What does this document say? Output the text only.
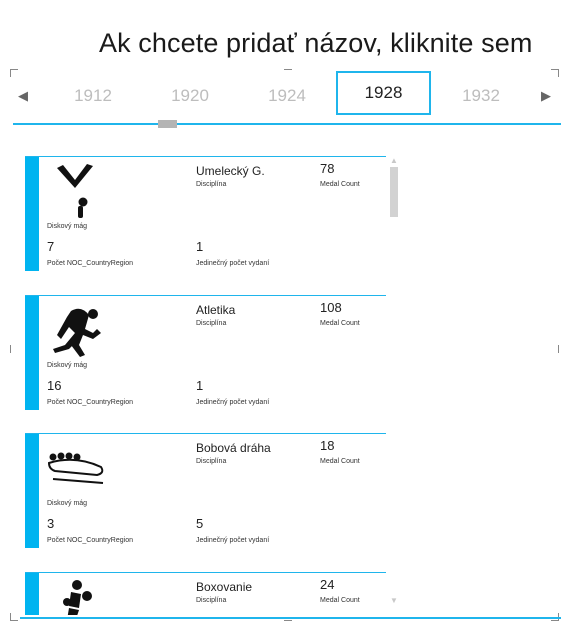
Ak chcete pridať názov, kliknite sem
◀	1912	1920	1924	1928	1932	▶
Diskový mág
Umelecký G.
Disciplína
78
Medal Count
7
Počet NOC_CountryRegion
1
Jedinečný počet vydaní
Diskový mág
Atletika
Disciplína
108
Medal Count
16
Počet NOC_CountryRegion
1
Jedinečný počet vydaní
Diskový mág
Bobová dráha
Disciplína
18
Medal Count
3
Počet NOC_CountryRegion
5
Jedinečný počet vydaní
Boxovanie
Disciplína
24
Medal Count
▲
▼
